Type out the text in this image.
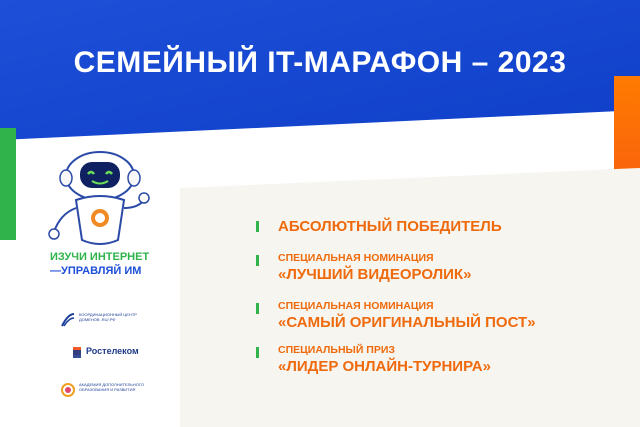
СЕМЕЙНЫЙ IT-МАРАФОН – 2023
ИЗУЧИ ИНТЕРНЕТ
—УПРАВЛЯЙ ИМ
КООРДИНАЦИОННЫЙ ЦЕНТР ДОМЕНОВ .RU/.РФ
Ростелеком
АКАДЕМИЯ ДОПОЛНИТЕЛЬНОГО ОБРАЗОВАНИЯ И РАЗВИТИЯ
АБСОЛЮТНЫЙ ПОБЕДИТЕЛЬ
СПЕЦИАЛЬНАЯ НОМИНАЦИЯ
«ЛУЧШИЙ ВИДЕОРОЛИК»
СПЕЦИАЛЬНАЯ НОМИНАЦИЯ
«САМЫЙ ОРИГИНАЛЬНЫЙ ПОСТ»
СПЕЦИАЛЬНЫЙ ПРИЗ
«ЛИДЕР ОНЛАЙН-ТУРНИРА»
